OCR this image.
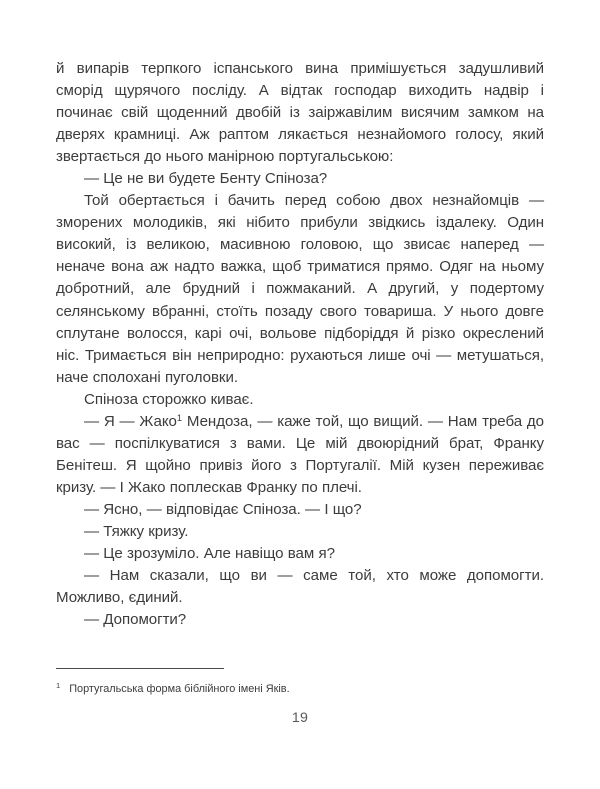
й випарів терпкого іспанського вина примішується задушливий сморід щурячого посліду. А відтак господар виходить надвір і починає свій щоденний двобій із заіржавілим висячим замком на дверях крамниці. Аж раптом лякається незнайомого голосу, який звертається до нього манірною португальською:

— Це не ви будете Бенту Спіноза?

Той обертається і бачить перед собою двох незнайомців — зморених молодиків, які нібито прибули звідкись іздалеку. Один високий, із великою, масивною головою, що звисає наперед — неначе вона аж надто важка, щоб триматися прямо. Одяг на ньому добротний, але брудний і пожмаканий. А другий, у подертому селянському вбранні, стоїть позаду свого товариша. У нього довге сплутане волосся, карі очі, вольове підборіддя й різко окреслений ніс. Тримається він неприродно: рухаються лише очі — метушаться, наче сполохані пуголовки.

Спіноза сторожко киває.

— Я — Жако$^1$ Мендоза, — каже той, що вищий. — Нам треба до вас — поспілкуватися з вами. Це мій двоюрідний брат, Франку Бенітеш. Я щойно привіз його з Португалії. Мій кузен переживає кризу. — І Жако поплескав Франку по плечі.

— Ясно, — відповідає Спіноза. — І що?

— Тяжку кризу.

— Це зрозуміло. Але навіщо вам я?

— Нам сказали, що ви — саме той, хто може допомогти. Можливо, єдиний.

— Допомогти?

$^1$ Португальська форма біблійного імені Яків.
19
